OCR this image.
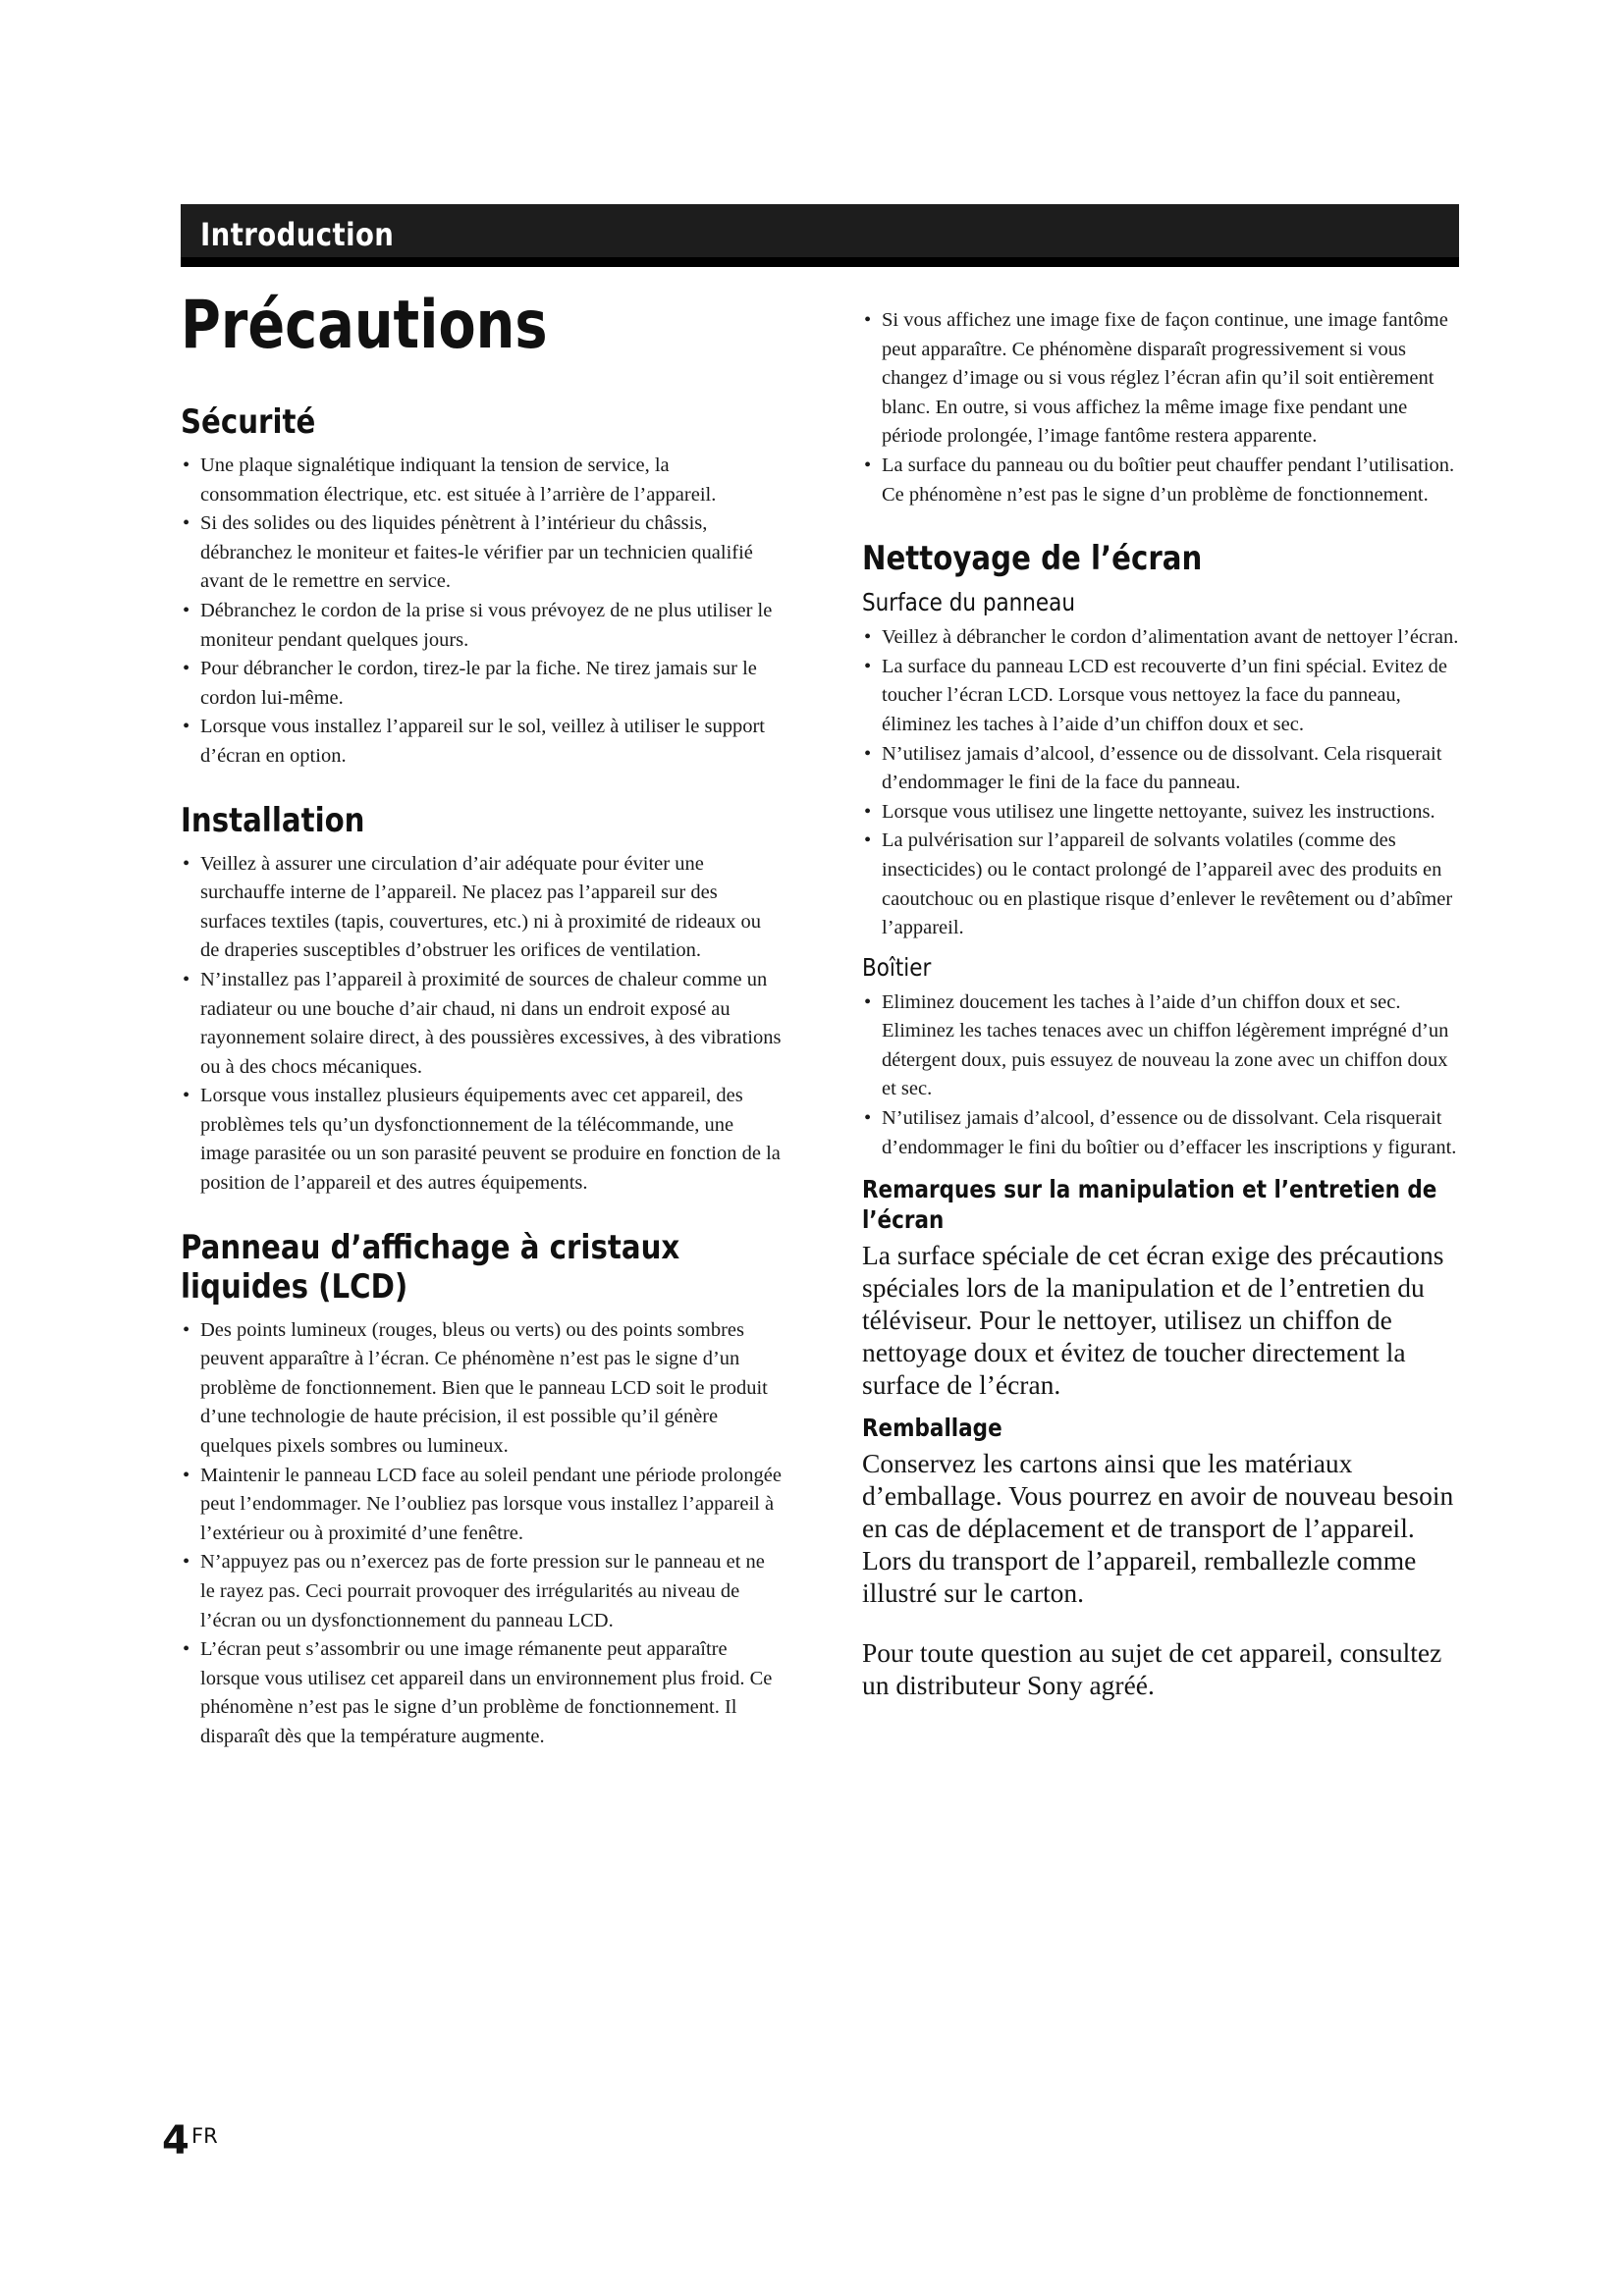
Introduction
Précautions
Sécurité
• Une plaque signalétique indiquant la tension de service, la consommation électrique, etc. est située à l’arrière de l’appareil.
• Si des solides ou des liquides pénètrent à l’intérieur du châssis, débranchez le moniteur et faites-le vérifier par un technicien qualifié avant de le remettre en service.
• Débranchez le cordon de la prise si vous prévoyez de ne plus utiliser le moniteur pendant quelques jours.
• Pour débrancher le cordon, tirez-le par la fiche. Ne tirez jamais sur le cordon lui-même.
• Lorsque vous installez l’appareil sur le sol, veillez à utiliser le support d’écran en option.
Installation
• Veillez à assurer une circulation d’air adéquate pour éviter une surchauffe interne de l’appareil. Ne placez pas l’appareil sur des surfaces textiles (tapis, couvertures, etc.) ni à proximité de rideaux ou de draperies susceptibles d’obstruer les orifices de ventilation.
• N’installez pas l’appareil à proximité de sources de chaleur comme un radiateur ou une bouche d’air chaud, ni dans un endroit exposé au rayonnement solaire direct, à des poussières excessives, à des vibrations ou à des chocs mécaniques.
• Lorsque vous installez plusieurs équipements avec cet appareil, des problèmes tels qu’un dysfonctionnement de la télécommande, une image parasitée ou un son parasité peuvent se produire en fonction de la position de l’appareil et des autres équipements.
Panneau d’affichage à cristaux liquides (LCD)
• Des points lumineux (rouges, bleus ou verts) ou des points sombres peuvent apparaître à l’écran. Ce phénomène n’est pas le signe d’un problème de fonctionnement. Bien que le panneau LCD soit le produit d’une technologie de haute précision, il est possible qu’il génère quelques pixels sombres ou lumineux.
• Maintenir le panneau LCD face au soleil pendant une période prolongée peut l’endommager. Ne l’oubliez pas lorsque vous installez l’appareil à l’extérieur ou à proximité d’une fenêtre.
• N’appuyez pas ou n’exercez pas de forte pression sur le panneau et ne le rayez pas. Ceci pourrait provoquer des irrégularités au niveau de l’écran ou un dysfonctionnement du panneau LCD.
• L’écran peut s’assombrir ou une image rémanente peut apparaître lorsque vous utilisez cet appareil dans un environnement plus froid. Ce phénomène n’est pas le signe d’un problème de fonctionnement. Il disparaît dès que la température augmente.
• Si vous affichez une image fixe de façon continue, une image fantôme peut apparaître. Ce phénomène disparaît progressivement si vous changez d’image ou si vous réglez l’écran afin qu’il soit entièrement blanc. En outre, si vous affichez la même image fixe pendant une période prolongée, l’image fantôme restera apparente.
• La surface du panneau ou du boîtier peut chauffer pendant l’utilisation. Ce phénomène n’est pas le signe d’un problème de fonctionnement.
Nettoyage de l’écran
Surface du panneau
• Veillez à débrancher le cordon d’alimentation avant de nettoyer l’écran.
• La surface du panneau LCD est recouverte d’un fini spécial. Evitez de toucher l’écran LCD. Lorsque vous nettoyez la face du panneau, éliminez les taches à l’aide d’un chiffon doux et sec.
• N’utilisez jamais d’alcool, d’essence ou de dissolvant. Cela risquerait d’endommager le fini de la face du panneau.
• Lorsque vous utilisez une lingette nettoyante, suivez les instructions.
• La pulvérisation sur l’appareil de solvants volatiles (comme des insecticides) ou le contact prolongé de l’appareil avec des produits en caoutchouc ou en plastique risque d’enlever le revêtement ou d’abîmer l’appareil.
Boîtier
• Eliminez doucement les taches à l’aide d’un chiffon doux et sec. Eliminez les taches tenaces avec un chiffon légèrement imprégné d’un détergent doux, puis essuyez de nouveau la zone avec un chiffon doux et sec.
• N’utilisez jamais d’alcool, d’essence ou de dissolvant. Cela risquerait d’endommager le fini du boîtier ou d’effacer les inscriptions y figurant.
Remarques sur la manipulation et l’entretien de l’écran

La surface spéciale de cet écran exige des précautions spéciales lors de la manipulation et de l’entretien du téléviseur. Pour le nettoyer, utilisez un chiffon de nettoyage doux et évitez de toucher directement la surface de l’écran.

Remballage

Conservez les cartons ainsi que les matériaux d’emballage. Vous pourrez en avoir de nouveau besoin en cas de déplacement et de transport de l’appareil. Lors du transport de l’appareil, remballezle comme illustré sur le carton.

Pour toute question au sujet de cet appareil, consultez un distributeur Sony agréé.

4 FR
